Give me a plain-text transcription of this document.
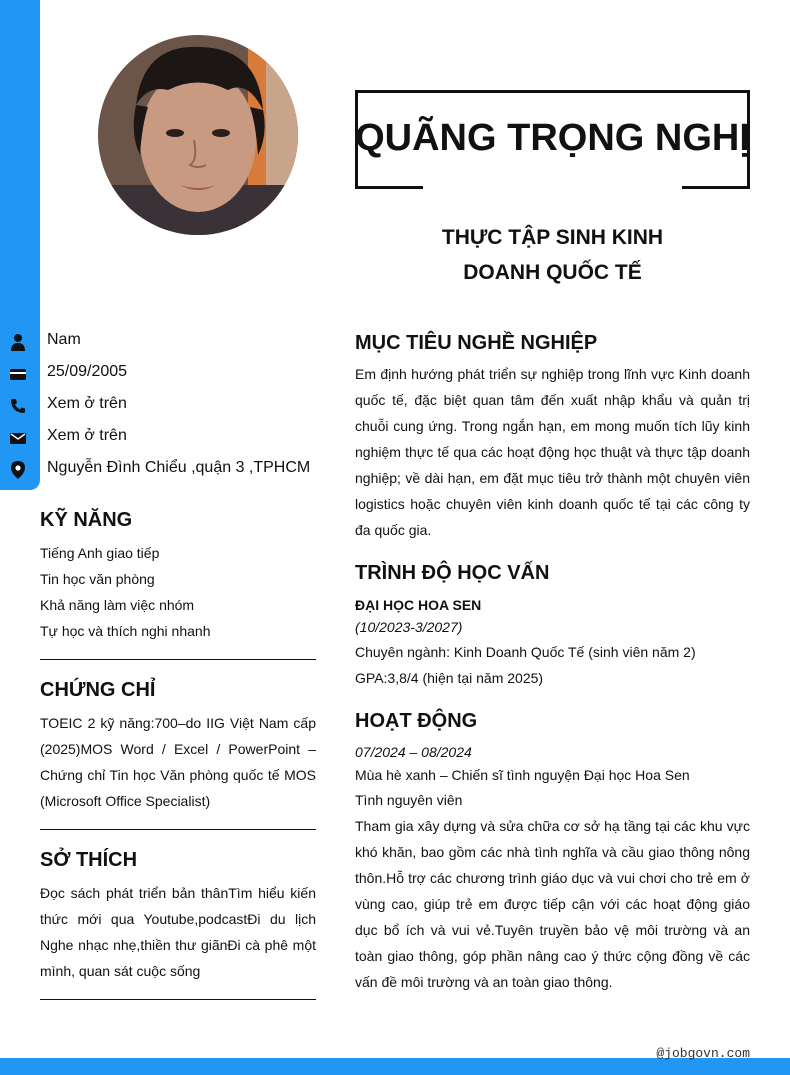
QUÃNG TRỌNG NGHỊ
THỰC TẬP SINH KINH DOANH QUỐC TẾ
Nam
25/09/2005
Xem ở trên
Xem ở trên
Nguyễn Đình Chiểu ,quận 3 ,TPHCM
KỸ NĂNG
Tiếng Anh giao tiếp
Tin học văn phòng
Khả năng làm việc nhóm
Tự học và thích nghi nhanh
CHỨNG CHỈ
TOEIC 2 kỹ năng:700–do IIG Việt Nam cấp (2025)MOS Word / Excel / PowerPoint – Chứng chỉ Tin học Văn phòng quốc tế MOS (Microsoft Office Specialist)
SỞ THÍCH
Đọc sách phát triển bản thânTìm hiểu kiến thức mới qua Youtube,podcastĐi du lịch Nghe nhạc nhẹ,thiền thư giãnĐi cà phê một mình, quan sát cuộc sống
MỤC TIÊU NGHỀ NGHIỆP
Em định hướng phát triển sự nghiệp trong lĩnh vực Kinh doanh quốc tế, đặc biệt quan tâm đến xuất nhập khẩu và quản trị chuỗi cung ứng. Trong ngắn hạn, em mong muốn tích lũy kinh nghiệm thực tế qua các hoạt động học thuật và thực tập doanh nghiệp; về dài hạn, em đặt mục tiêu trở thành một chuyên viên logistics hoặc chuyên viên kinh doanh quốc tế tại các công ty đa quốc gia.
TRÌNH ĐỘ HỌC VẤN
ĐẠI HỌC HOA SEN
(10/2023-3/2027)
Chuyên ngành: Kinh Doanh Quốc Tế (sinh viên năm 2)
GPA:3,8/4 (hiện tại năm 2025)
HOẠT ĐỘNG
07/2024 – 08/2024
Mùa hè xanh – Chiến sĩ tình nguyện Đại học Hoa Sen
Tình nguyên viên
Tham gia xây dựng và sửa chữa cơ sở hạ tầng tại các khu vực khó khăn, bao gồm các nhà tình nghĩa và cầu giao thông nông thôn.Hỗ trợ các chương trình giáo dục và vui chơi cho trẻ em ở vùng cao, giúp trẻ em được tiếp cận với các hoạt động giáo dục bổ ích và vui vẻ.Tuyên truyền bảo vệ môi trường và an toàn giao thông, góp phần nâng cao ý thức cộng đồng về các vấn đề môi trường và an toàn giao thông.
@jobgovn.com
